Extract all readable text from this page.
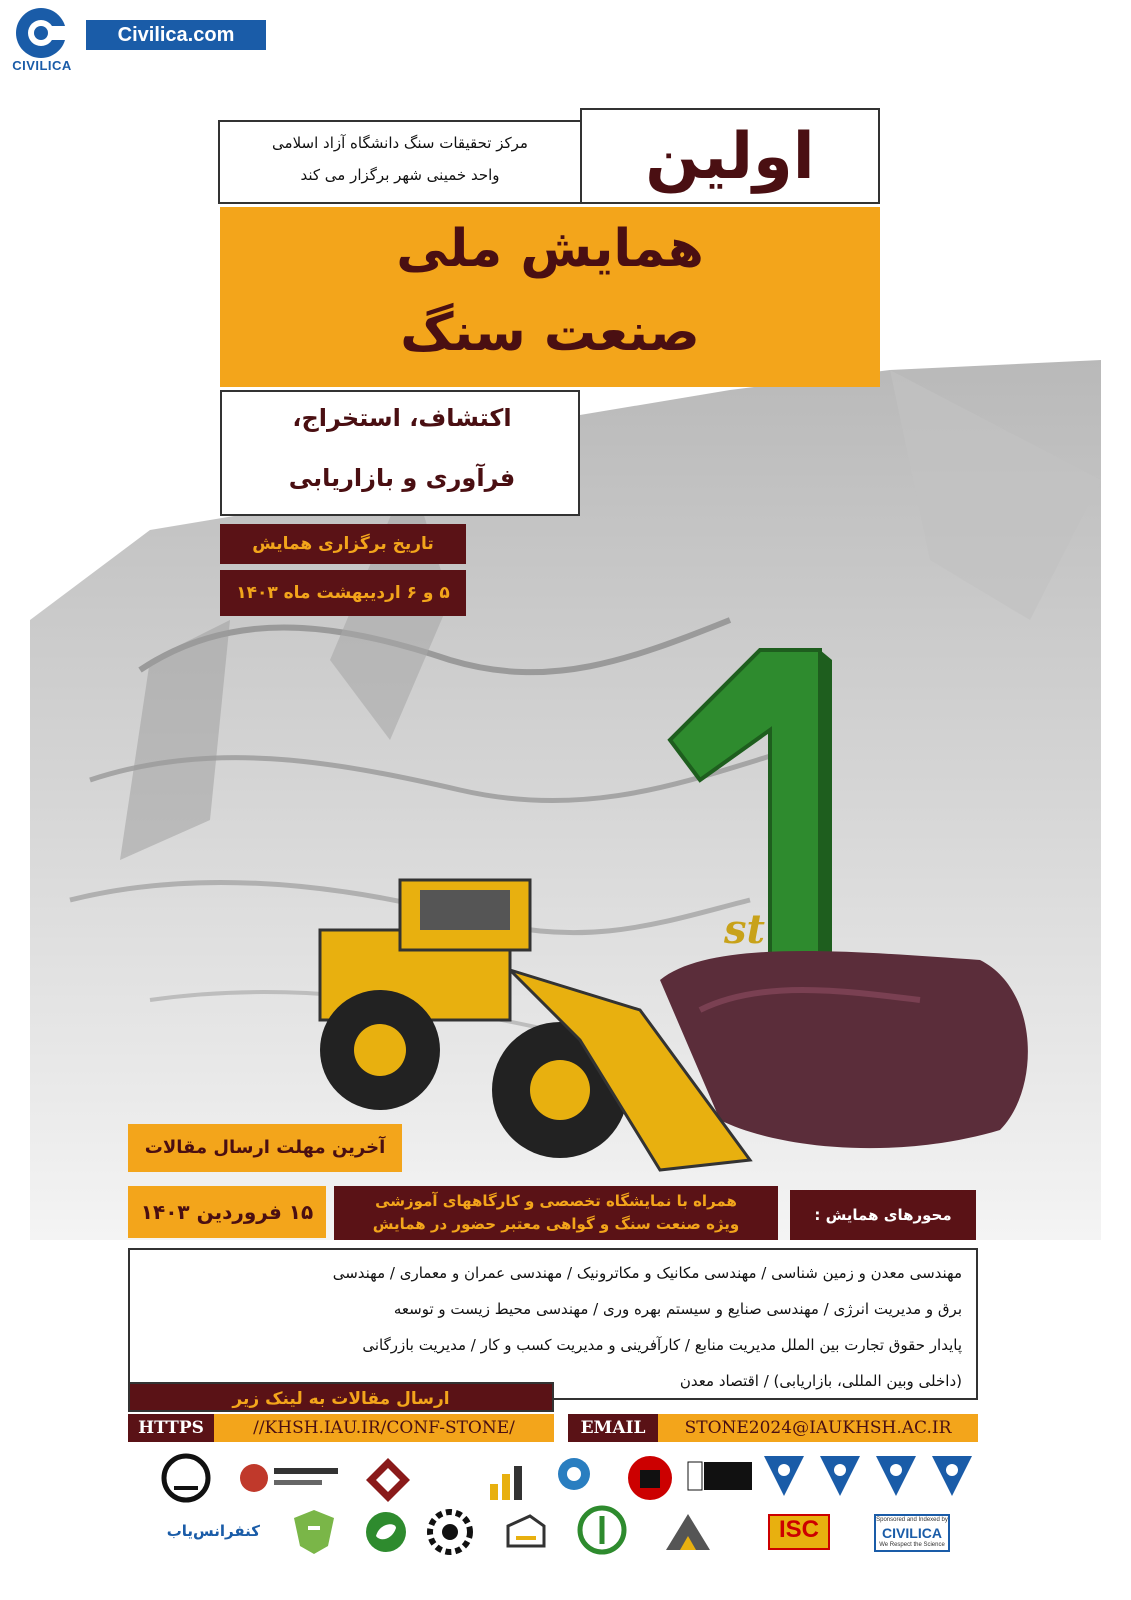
CIVILICA
Civilica.com
اولین
مرکز تحقیقات سنگ دانشگاه آزاد اسلامی
واحد خمینی شهر برگزار می کند
همایش ملی
صنعت سنگ
اکتشاف، استخراج،
فرآوری و بازاریابی
تاریخ برگزاری همایش
۵ و ۶ اردیبهشت ماه ۱۴۰۳
st
آخرین مهلت ارسال مقالات
۱۵ فروردین ۱۴۰۳	همراه با نمایشگاه تخصصی و کارگاههای آموزشی
ویژه صنعت سنگ و گواهی معتبر حضور در همایش	محورهای همایش :
مهندسی معدن و زمین شناسی / مهندسی مکانیک و مکاترونیک / مهندسی عمران و معماری / مهندسی
برق و مدیریت انرژی / مهندسی صنایع و سیستم بهره وری / مهندسی محیط زیست و توسعه
پایدار حقوق تجارت بین الملل مدیریت منابع / کارآفرینی و مدیریت کسب و کار / مدیریت بازرگانی
(داخلی وبین المللی، بازاریابی) / اقتصاد معدن
ارسال مقالات به لینک زیر
HTTPS	//KHSH.IAU.IR/CONF-STONE/	EMAIL	STONE2024@IAUKHSH.AC.IR
Sponsored and Indexed by
CIVILICA
We Respect the Science
ISC
کنفرانس‌یاب
